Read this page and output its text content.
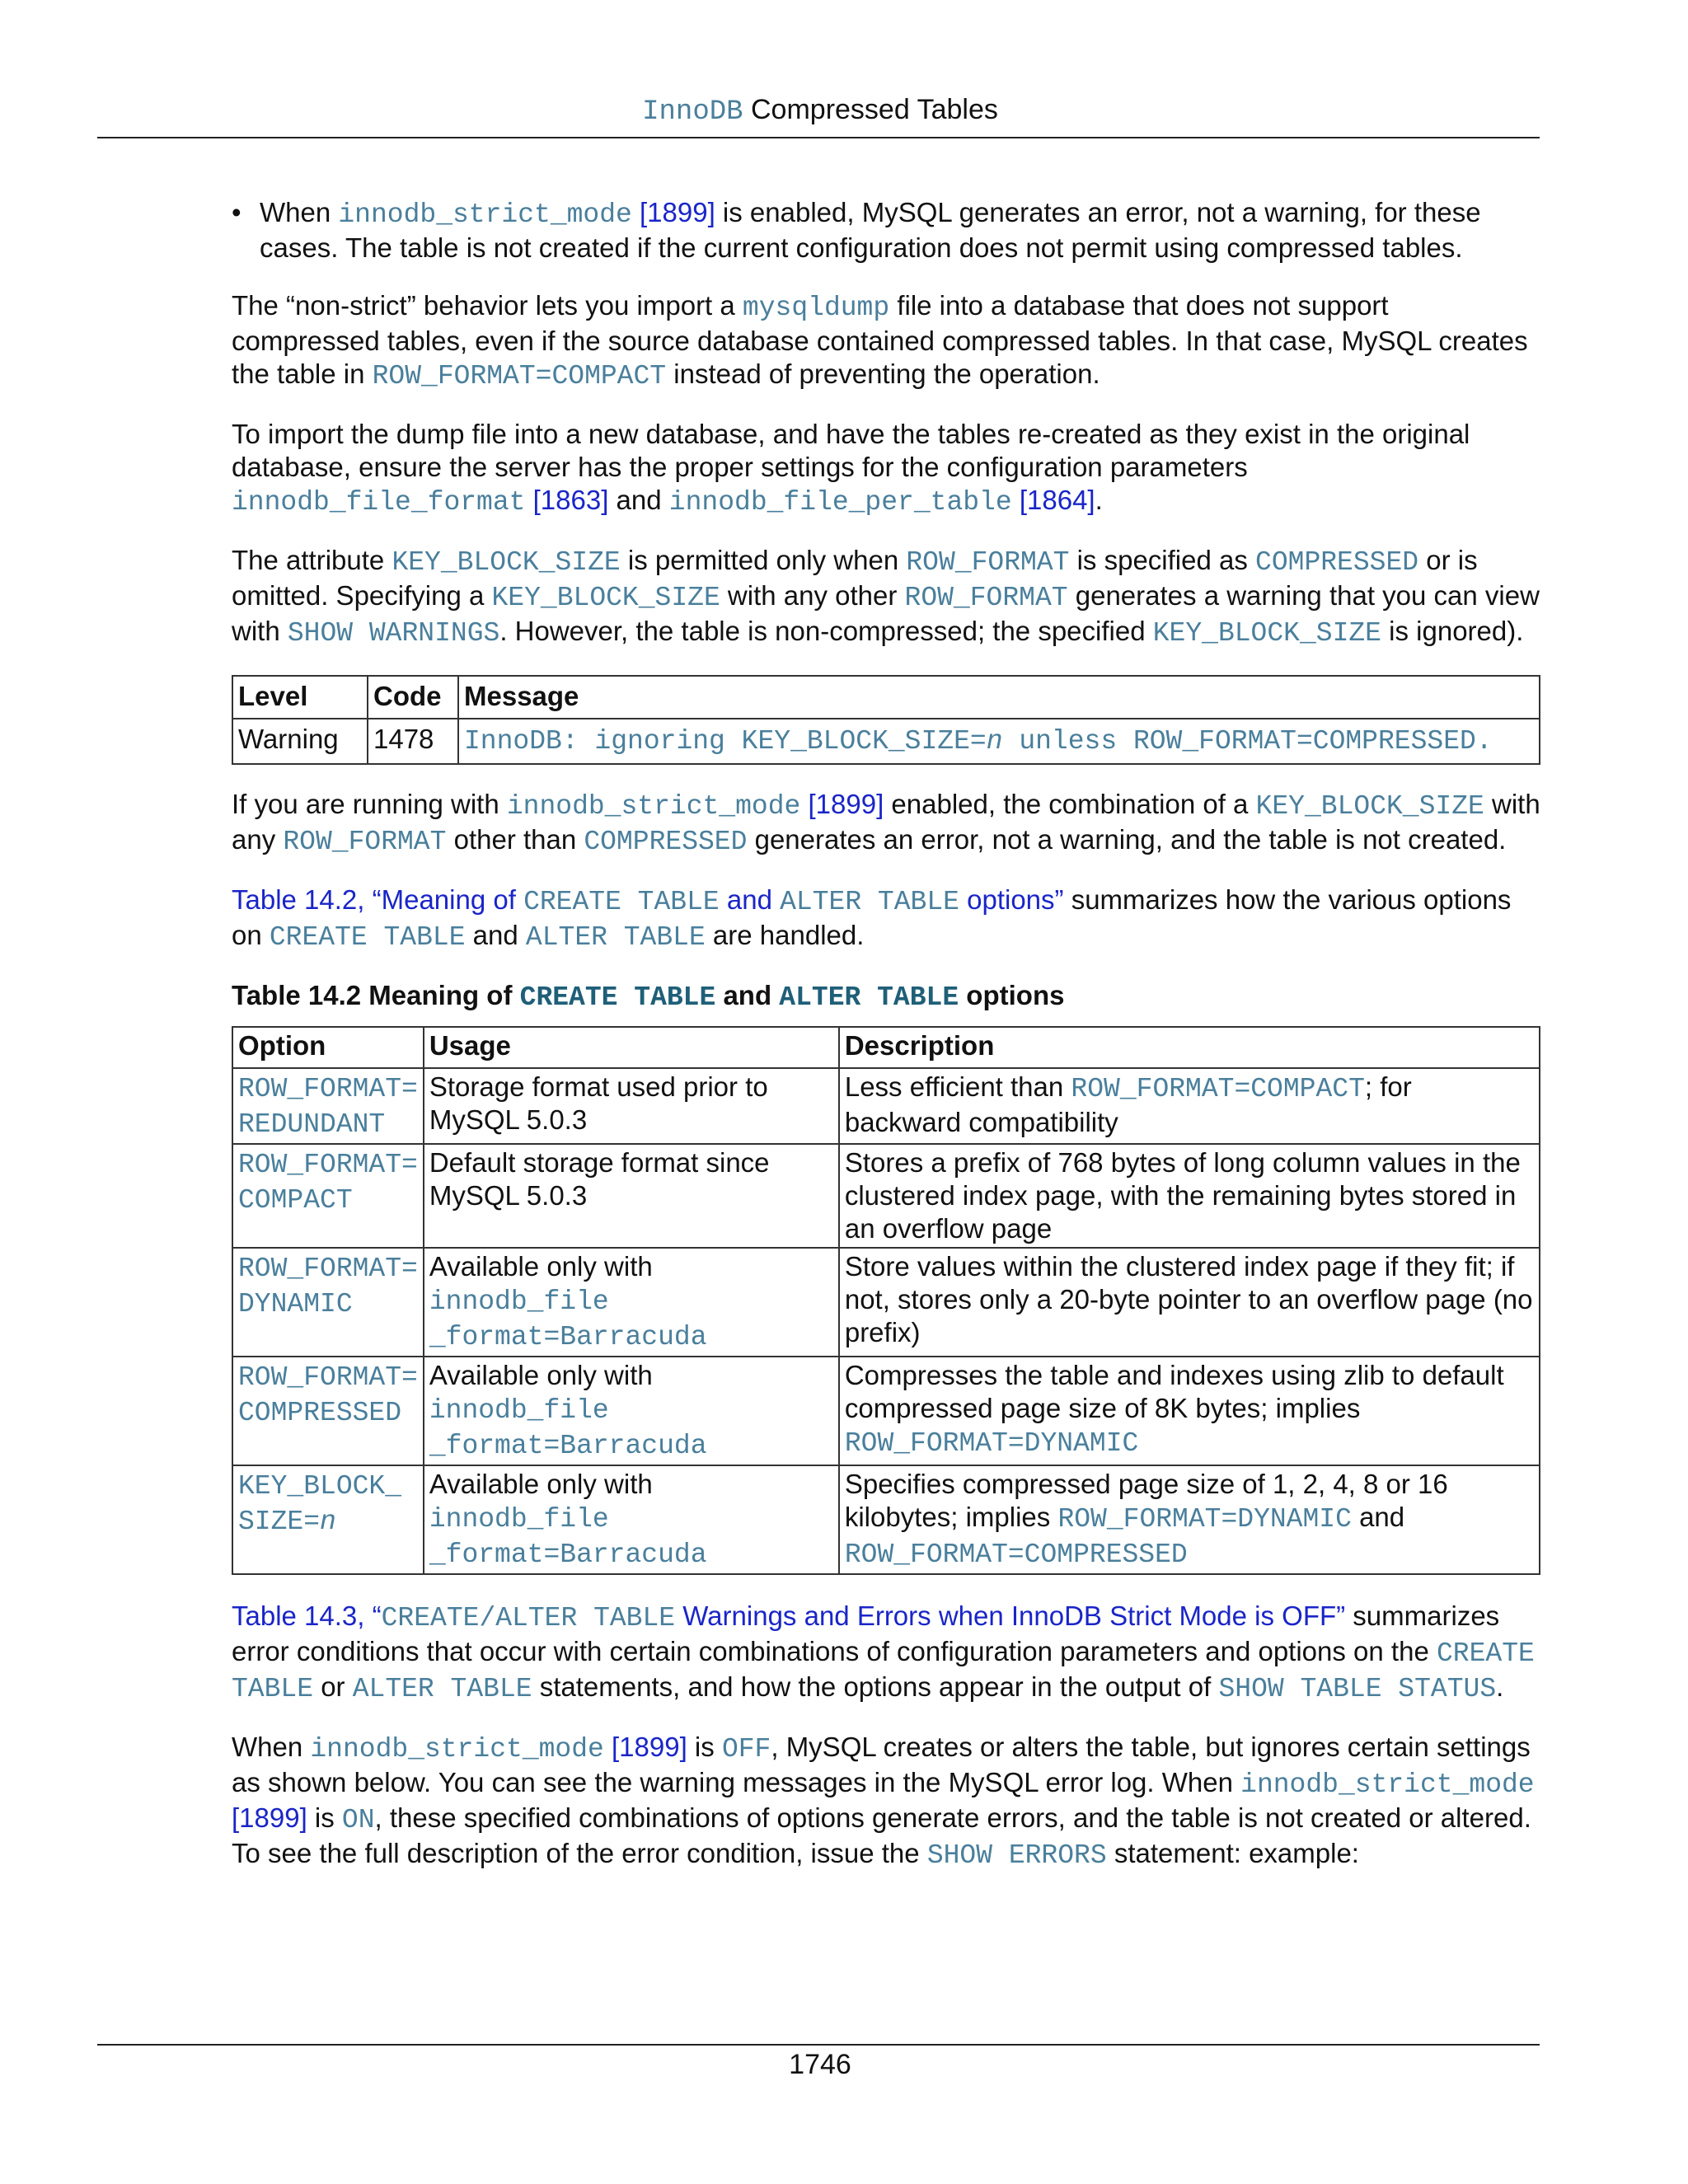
InnoDB Compressed Tables
• When innodb_strict_mode [1899] is enabled, MySQL generates an error, not a warning, for these cases. The table is not created if the current configuration does not permit using compressed tables.

The “non-strict” behavior lets you import a mysqldump file into a database that does not support compressed tables, even if the source database contained compressed tables. In that case, MySQL creates the table in ROW_FORMAT=COMPACT instead of preventing the operation.

To import the dump file into a new database, and have the tables re-created as they exist in the original database, ensure the server has the proper settings for the configuration parameters innodb_file_format [1863] and innodb_file_per_table [1864].

The attribute KEY_BLOCK_SIZE is permitted only when ROW_FORMAT is specified as COMPRESSED or is omitted. Specifying a KEY_BLOCK_SIZE with any other ROW_FORMAT generates a warning that you can view with SHOW WARNINGS. However, the table is non-compressed; the specified KEY_BLOCK_SIZE is ignored).

Level	Code	Message
Warning	1478	InnoDB: ignoring KEY_BLOCK_SIZE=n unless ROW_FORMAT=COMPRESSED.

If you are running with innodb_strict_mode [1899] enabled, the combination of a KEY_BLOCK_SIZE with any ROW_FORMAT other than COMPRESSED generates an error, not a warning, and the table is not created.

Table 14.2, “Meaning of CREATE TABLE and ALTER TABLE options” summarizes how the various options on CREATE TABLE and ALTER TABLE are handled.

Table 14.2 Meaning of CREATE TABLE and ALTER TABLE options
Option	Usage	Description
ROW_FORMAT=
REDUNDANT	Storage format used prior to MySQL 5.0.3	Less efficient than ROW_FORMAT=COMPACT; for backward compatibility
ROW_FORMAT=
COMPACT	Default storage format since MySQL 5.0.3	Stores a prefix of 768 bytes of long column values in the clustered index page, with the remaining bytes stored in an overflow page
ROW_FORMAT=
DYNAMIC	Available only with
innodb_file
_format=Barracuda	Store values within the clustered index page if they fit; if not, stores only a 20-byte pointer to an overflow page (no prefix)
ROW_FORMAT=
COMPRESSED	Available only with
innodb_file
_format=Barracuda	Compresses the table and indexes using zlib to default compressed page size of 8K bytes; implies ROW_FORMAT=DYNAMIC
KEY_BLOCK_
SIZE=n	Available only with
innodb_file
_format=Barracuda	Specifies compressed page size of 1, 2, 4, 8 or 16 kilobytes; implies ROW_FORMAT=DYNAMIC and ROW_FORMAT=COMPRESSED

Table 14.3, “CREATE/ALTER TABLE Warnings and Errors when InnoDB Strict Mode is OFF” summarizes error conditions that occur with certain combinations of configuration parameters and options on the CREATE TABLE or ALTER TABLE statements, and how the options appear in the output of SHOW TABLE STATUS.

When innodb_strict_mode [1899] is OFF, MySQL creates or alters the table, but ignores certain settings as shown below. You can see the warning messages in the MySQL error log. When innodb_strict_mode [1899] is ON, these specified combinations of options generate errors, and the table is not created or altered. To see the full description of the error condition, issue the SHOW ERRORS statement: example:

1746
